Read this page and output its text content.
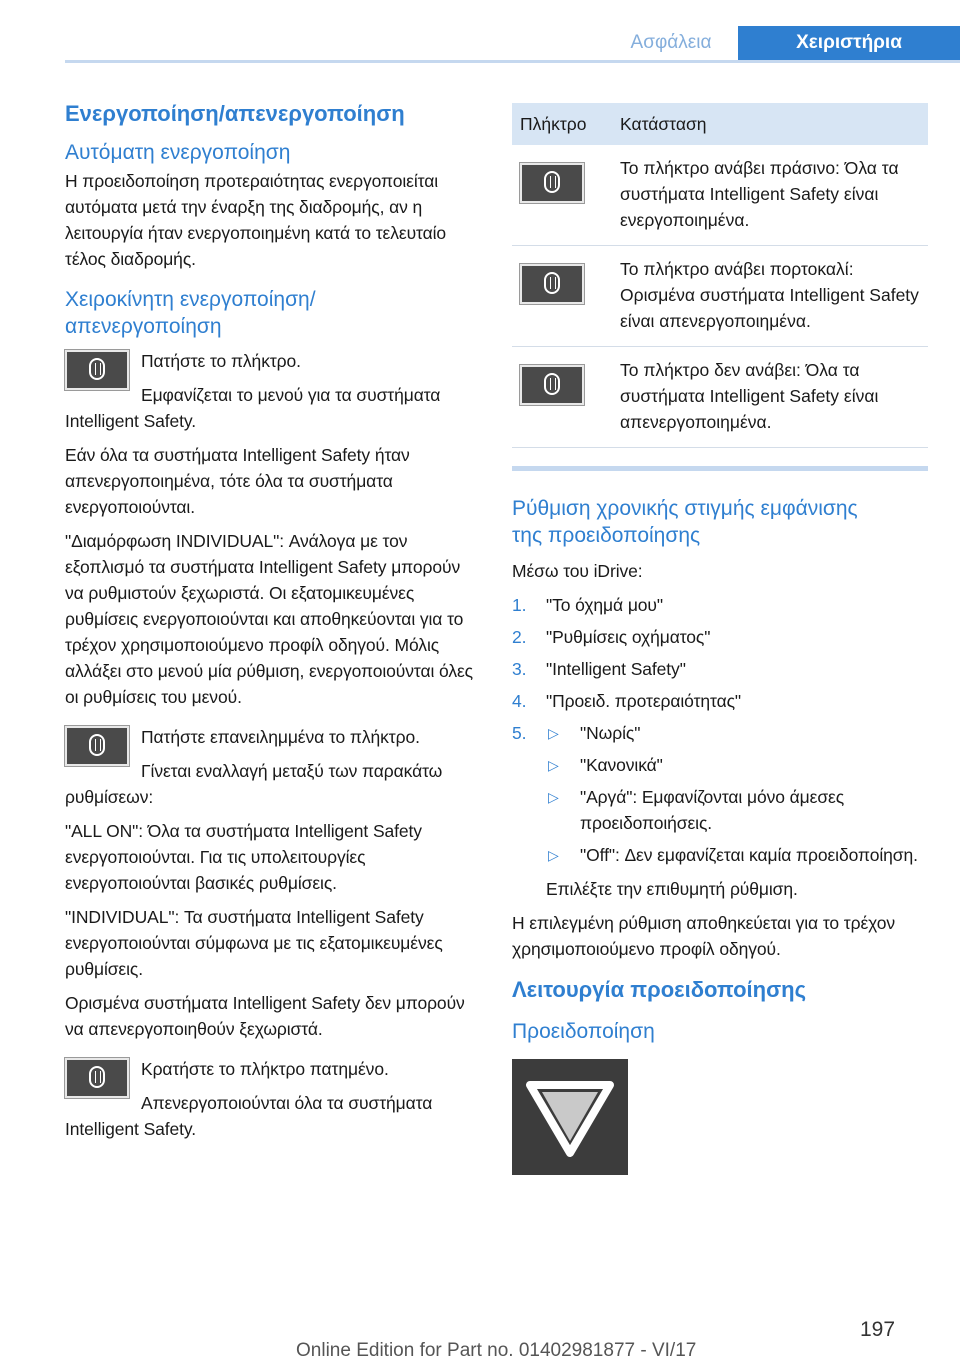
Ασφάλεια	Χειριστήρια
Ενεργοποίηση/απενεργοποίηση
Αυτόματη ενεργοποίηση
Η προειδοποίηση προτεραιότητας ενεργοποιείται αυτόματα μετά την έναρξη της διαδρομής, αν η λειτουργία ήταν ενεργοποιημένη κατά το τελευταίο τέλος διαδρομής.
Χειροκίνητη ενεργοποίηση/
απενεργοποίηση
Πατήστε το πλήκτρο.
Εμφανίζεται το μενού για τα συστήματα Intelligent Safety.
Εάν όλα τα συστήματα Intelligent Safety ήταν απενεργοποιημένα, τότε όλα τα συστήματα ενεργοποιούνται.
"Διαμόρφωση INDIVIDUAL": Ανάλογα με τον εξοπλισμό τα συστήματα Intelligent Safety μπορούν να ρυθμιστούν ξεχωριστά. Οι εξατομικευμένες ρυθμίσεις ενεργοποιούνται και αποθηκεύονται για το τρέχον χρησιμοποιούμενο προφίλ οδηγού. Μόλις αλλάξει στο μενού μία ρύθμιση, ενεργοποιούνται όλες οι ρυθμίσεις του μενού.
Πατήστε επανειλημμένα το πλήκτρο.
Γίνεται εναλλαγή μεταξύ των παρακάτω ρυθμίσεων:
"ALL ON": Όλα τα συστήματα Intelligent Safety ενεργοποιούνται. Για τις υπολειτουργίες ενεργοποιούνται βασικές ρυθμίσεις.
"INDIVIDUAL": Τα συστήματα Intelligent Safety ενεργοποιούνται σύμφωνα με τις εξατομικευμένες ρυθμίσεις.
Ορισμένα συστήματα Intelligent Safety δεν μπορούν να απενεργοποιηθούν ξεχωριστά.
Κρατήστε το πλήκτρο πατημένο.
Απενεργοποιούνται όλα τα συστήματα Intelligent Safety.
Πλήκτρο	Κατάσταση

	Το πλήκτρο ανάβει πράσινο: Όλα τα συστήματα Intelligent Safety είναι ενεργοποιημένα.

	Το πλήκτρο ανάβει πορτοκαλί: Ορισμένα συστήματα Intelligent Safety είναι απενεργοποιημένα.

	Το πλήκτρο δεν ανάβει: Όλα τα συστήματα Intelligent Safety είναι απενεργοποιημένα.
Ρύθμιση χρονικής στιγμής εμφάνισης
της προειδοποίησης
Μέσω του iDrive:
1. "Το όχημά μου"
2. "Ρυθμίσεις οχήματος"
3. "Intelligent Safety"
4. "Προειδ. προτεραιότητας"
5. ▷ "Νωρίς"
▷ "Κανονικά"
▷ "Αργά": Εμφανίζονται μόνο άμεσες προειδοποιήσεις.
▷ "Off": Δεν εμφανίζεται καμία προειδοποίηση.
Επιλέξτε την επιθυμητή ρύθμιση.
Η επιλεγμένη ρύθμιση αποθηκεύεται για το τρέχον χρησιμοποιούμενο προφίλ οδηγού.
Λειτουργία προειδοποίησης
Προειδοποίηση
197
Online Edition for Part no. 01402981877 - VI/17
